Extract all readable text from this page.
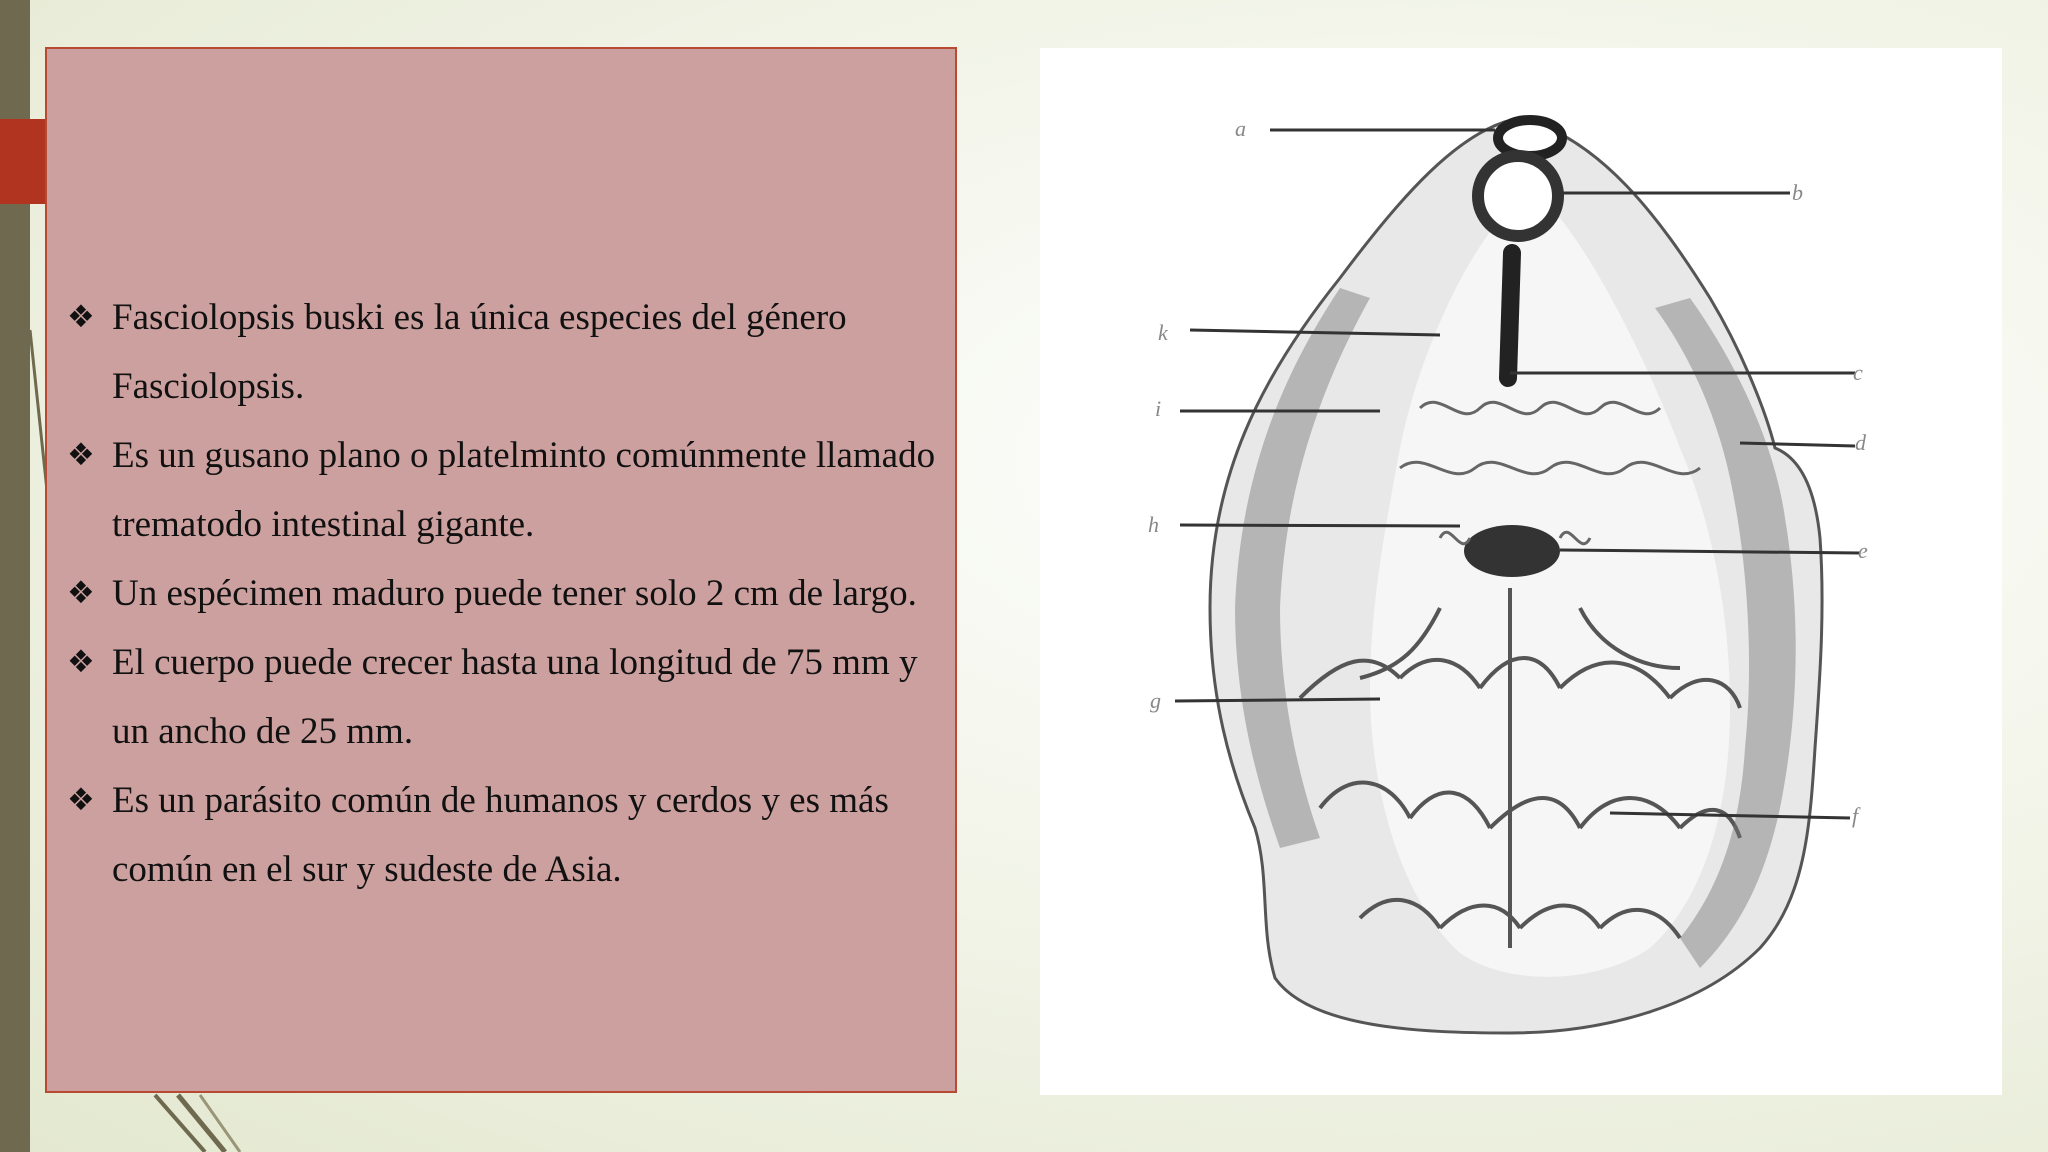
❖ Fasciolopsis buski es la única especies del género Fasciolopsis.
❖ Es un gusano plano o platelminto comúnmente llamado trematodo intestinal gigante.
❖ Un espécimen maduro puede tener solo 2 cm de largo.
❖ El cuerpo puede crecer hasta una longitud de 75 mm y un ancho de 25 mm.
❖ Es un parásito común de humanos y cerdos y es más común en el sur y sudeste de Asia.
a
b
k
c
i
d
h
e
g
f
